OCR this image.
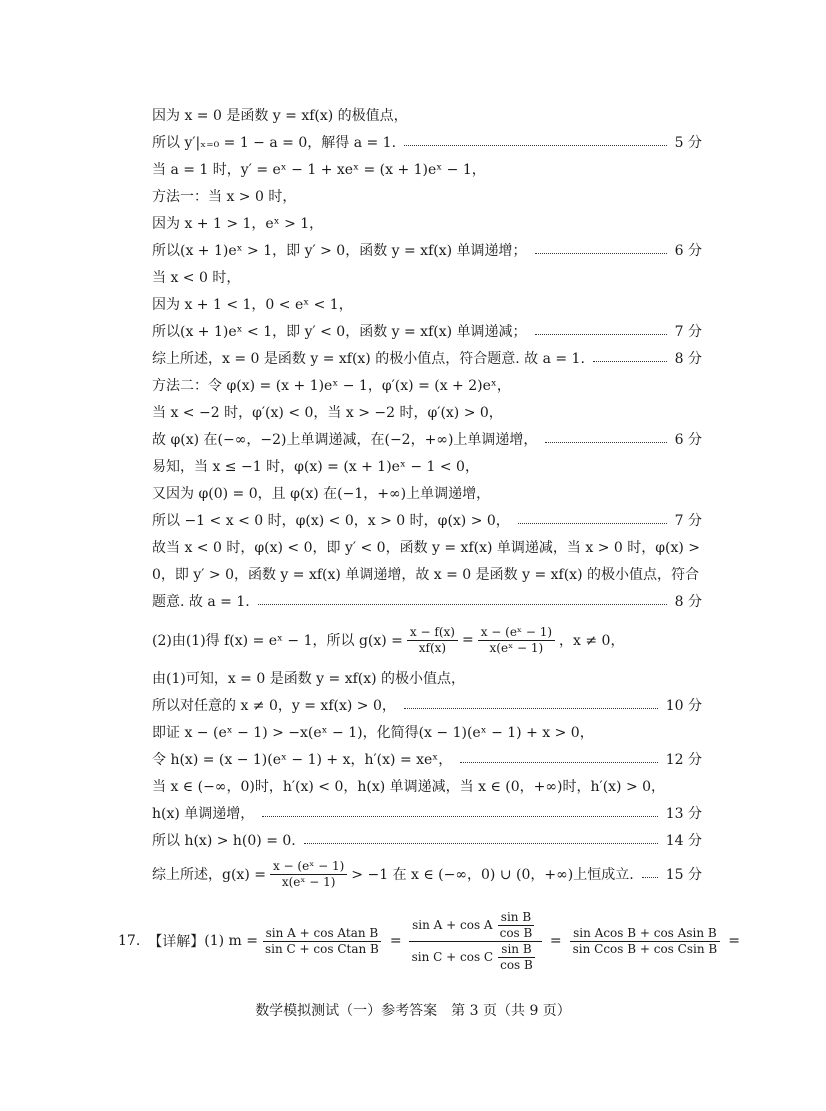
因为 x = 0 是函数 y = xf(x) 的极值点，
所以 y′|ₓ₌₀ = 1 − a = 0，解得 a = 1.	5 分
当 a = 1 时，y′ = eˣ − 1 + xeˣ = (x + 1)eˣ − 1，
方法一：当 x > 0 时，
因为 x + 1 > 1，eˣ > 1，
所以(x + 1)eˣ > 1，即 y′ > 0，函数 y = xf(x) 单调递增；	6 分
当 x < 0 时，
因为 x + 1 < 1，0 < eˣ < 1，
所以(x + 1)eˣ < 1，即 y′ < 0，函数 y = xf(x) 单调递减；	7 分
综上所述，x = 0 是函数 y = xf(x) 的极小值点，符合题意. 故 a = 1.	8 分
方法二：令 φ(x) = (x + 1)eˣ − 1，φ′(x) = (x + 2)eˣ，
当 x < −2 时，φ′(x) < 0，当 x > −2 时，φ′(x) > 0，
故 φ(x) 在(−∞，−2)上单调递减，在(−2，+∞)上单调递增，	6 分
易知，当 x ≤ −1 时，φ(x) = (x + 1)eˣ − 1 < 0，
又因为 φ(0) = 0，且 φ(x) 在(−1，+∞)上单调递增，
所以 −1 < x < 0 时，φ(x) < 0，x > 0 时，φ(x) > 0，	7 分
故当 x < 0 时，φ(x) < 0，即 y′ < 0，函数 y = xf(x) 单调递减，当 x > 0 时，φ(x) >
0，即 y′ > 0，函数 y = xf(x) 单调递增，故 x = 0 是函数 y = xf(x) 的极小值点，符合
题意. 故 a = 1.	8 分
(2)由(1)得 f(x) = eˣ − 1，所以 $g(x) = \frac{x - f(x)}{xf(x)} = \frac{\text{x − (eˣ − 1)}}{\text{x(eˣ − 1)}}$ ，x ≠ 0，
由(1)可知，x = 0 是函数 y = xf(x) 的极小值点，
所以对任意的 x ≠ 0，y = xf(x) > 0，	10 分
即证 x − (eˣ − 1) > −x(eˣ − 1)，化简得(x − 1)(eˣ − 1) + x > 0，
令 h(x) = (x − 1)(eˣ − 1) + x，h′(x) = xeˣ，	12 分
当 x ∈ (−∞，0)时，h′(x) < 0，h(x) 单调递减，当 x ∈ (0，+∞)时，h′(x) > 0，
h(x) 单调递增，	13 分
所以 h(x) > h(0) = 0.	14 分
综上所述，$g(x) = \frac{\text{x − (eˣ − 1)}}{\text{x(eˣ − 1)}} > -1$ 在 x ∈ (−∞，0) ∪ (0，+∞)上恒成立. 15 分
17. 【详解】 (1) $m = \frac{\text{sin A + cos Atan B}}{\text{sin C + cos Ctan B}} = \frac{\sin A + \cos A \frac{\text{sin B}}{\text{cos B}}}{\sin C + \cos C \frac{\text{sin B}}{\text{cos B}}} = \frac{\text{sin Acos B + cos Asin B}}{\text{sin Ccos B + cos Csin B}}$ =
数学模拟测试（一）参考答案　第 3 页（共 9 页）
